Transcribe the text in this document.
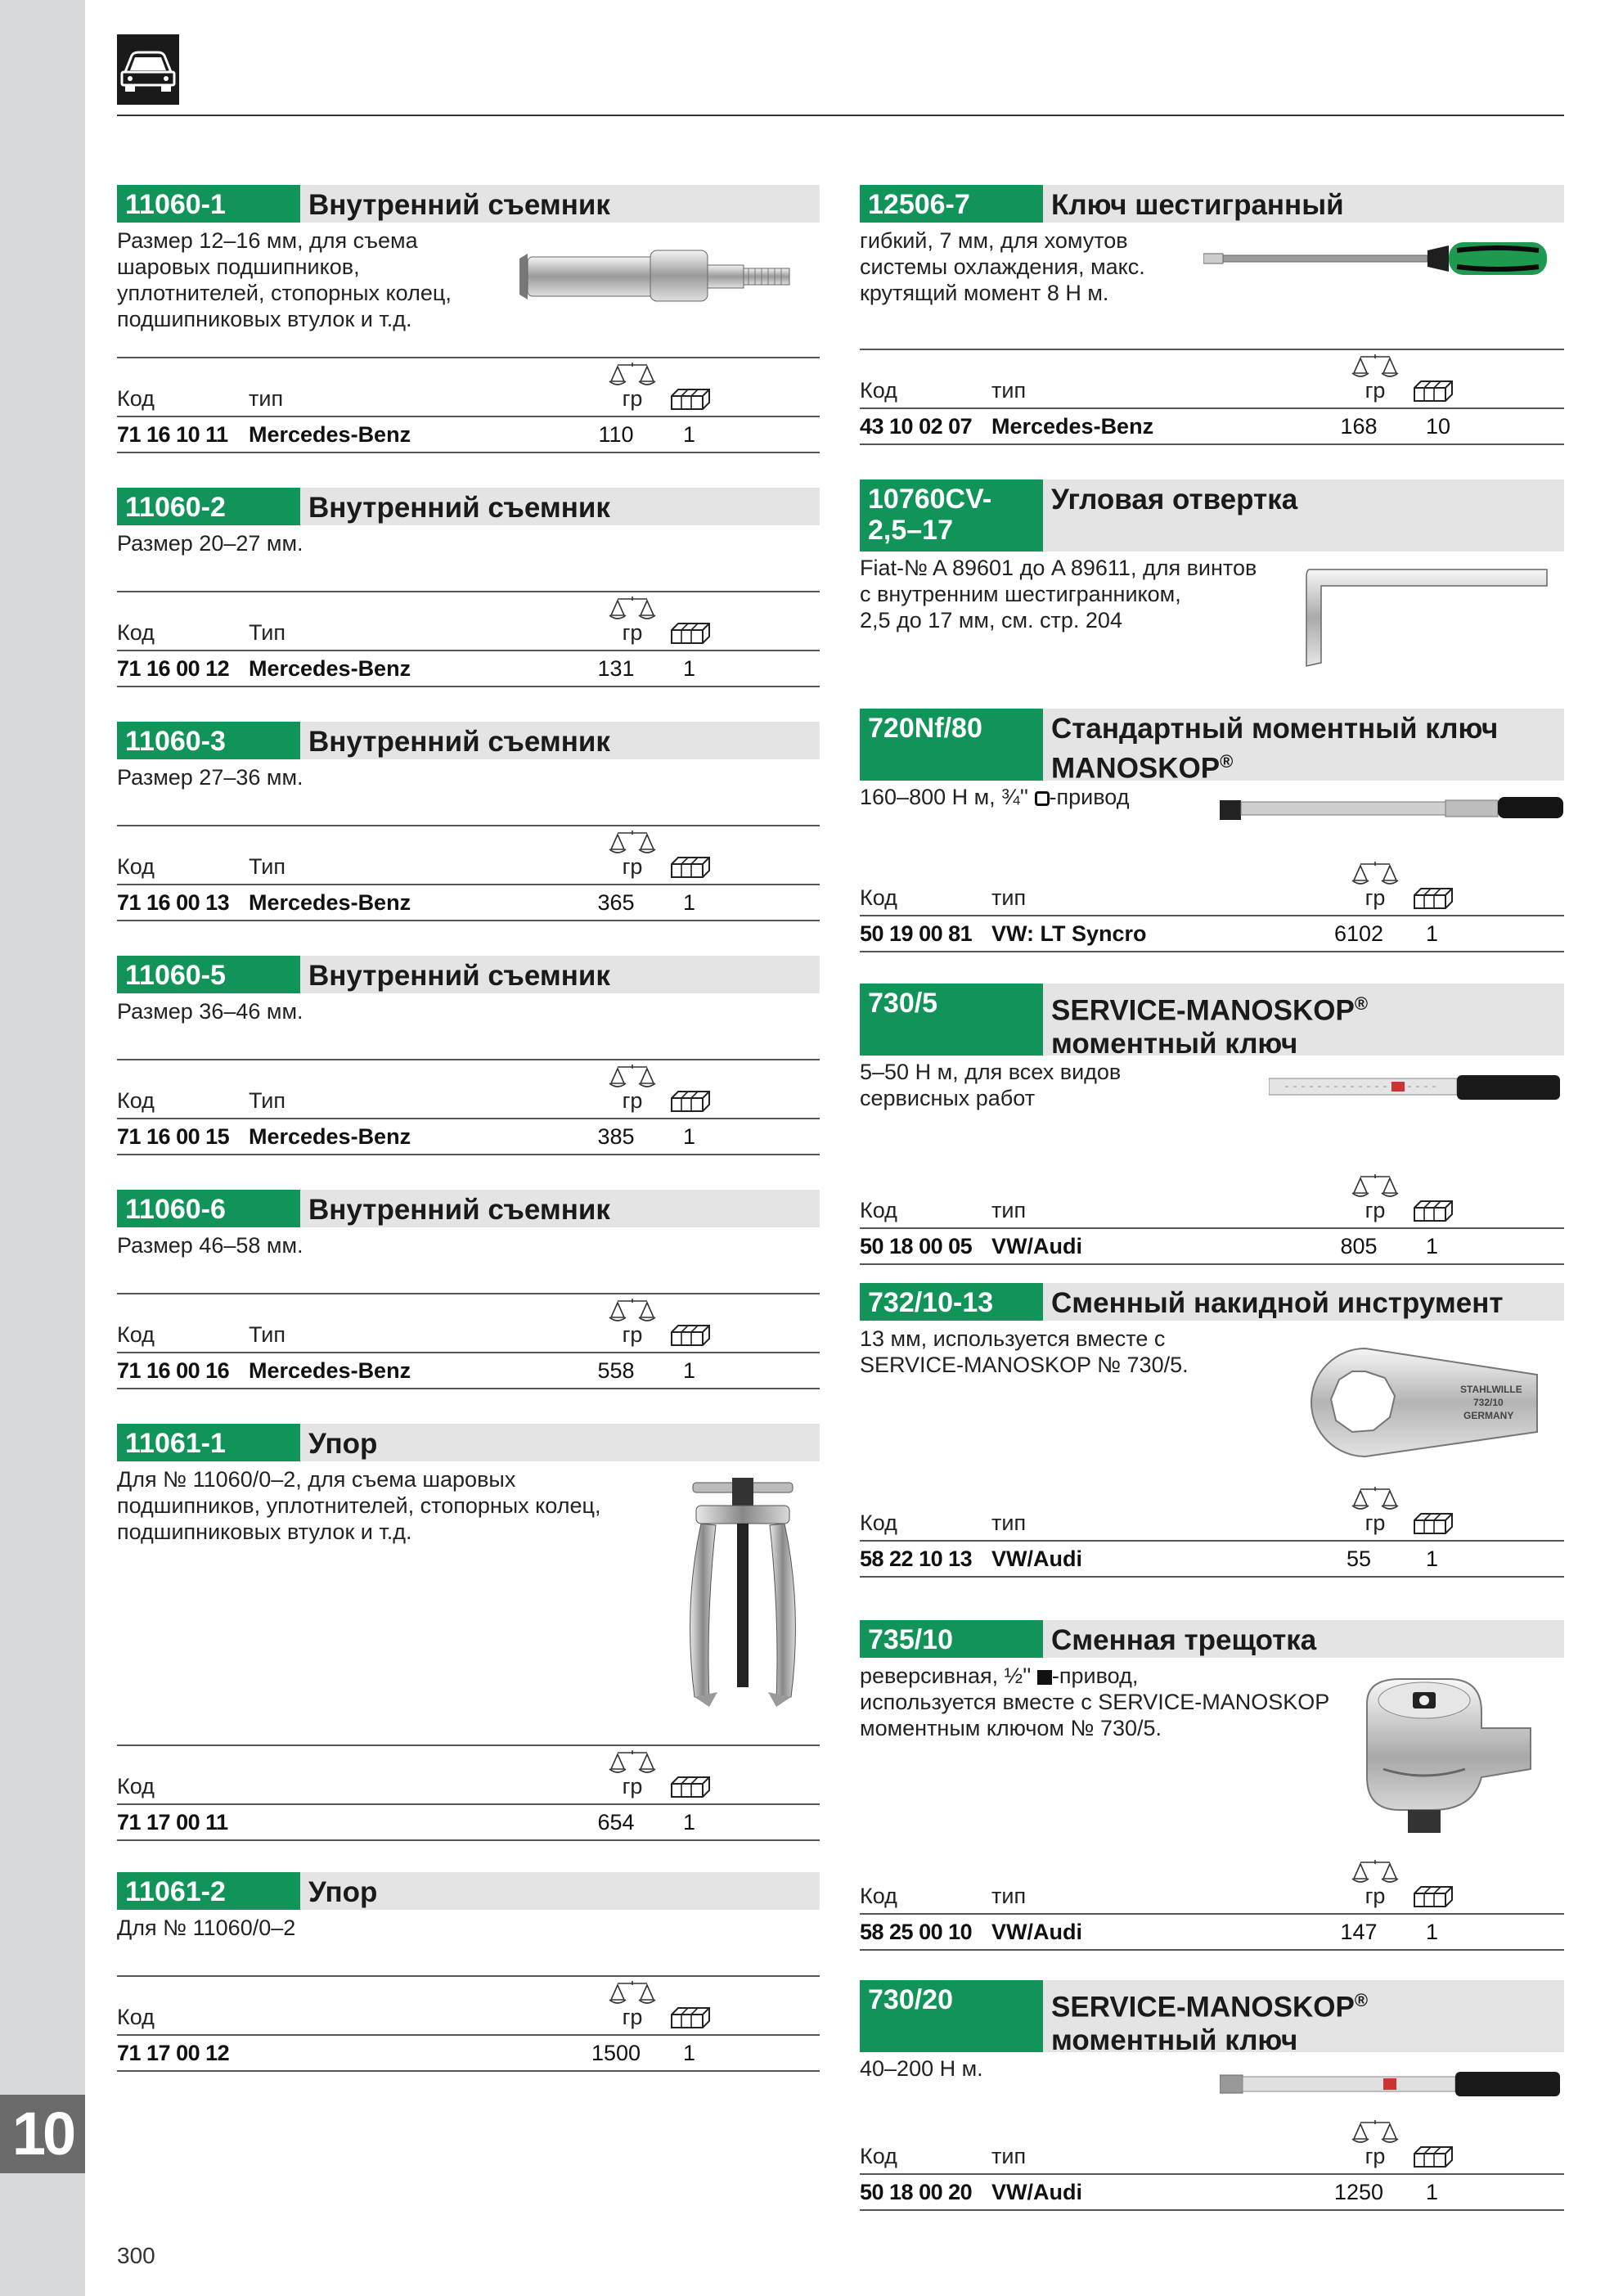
10
11060-1	Внутренний съемник
Размер 12–16 мм, для съема
шаровых подшипников,
уплотнителей, стопорных колец,
подшипниковых втулок и т.д.
Код	тип	гр
71 16 10 11 Mercedes-Benz	110	1
11060-2	Внутренний съемник
Размер 20–27 мм.
Код	Тип	гр
71 16 00 12 Mercedes-Benz	131	1
11060-3	Внутренний съемник
Размер 27–36 мм.
Код	Тип	гр
71 16 00 13 Mercedes-Benz	365	1
11060-5	Внутренний съемник
Размер 36–46 мм.
Код	Тип	гр
71 16 00 15 Mercedes-Benz	385	1
11060-6	Внутренний съемник
Размер 46–58 мм.
Код	Тип	гр
71 16 00 16 Mercedes-Benz	558	1
11061-1	Упор
Для № 11060/0–2, для съема шаровых
подшипников, уплотнителей, стопорных колец,
подшипниковых втулок и т.д.
Код	гр
71 17 00 11	654	1
11061-2	Упор
Для № 11060/0–2
Код	гр
71 17 00 12	1500	1
12506-7	Ключ шестигранный
гибкий, 7 мм, для хомутов
системы охлаждения, макс.
крутящий момент 8 Н м.
Код	тип	гр
43 10 02 07 Mercedes-Benz	168	10
10760CV-
2,5–17
Угловая отвертка
Fiat-№ A 89601 до A 89611, для винтов
с внутренним шестигранником,
2,5 до 17 мм, см. стр. 204
720Nf/80	Стандартный моментный ключ
MANOSKOP®
160–800 Н м, ¾'' -привод
Код	тип	гр
50 19 00 81 VW: LT Syncro	6102	1
730/5	SERVICE-MANOSKOP®
моментный ключ
5–50 Н м, для всех видов
сервисных работ
Код	тип	гр
50 18 00 05 VW/Audi	805	1
732/10-13	Сменный накидной инструмент
13 мм, используется вместе с
SERVICE-MANOSKOP № 730/5.
STAHLWILLE
732/10
GERMANY
Код	тип	гр
58 22 10 13 VW/Audi	55	1
735/10	Сменная трещотка
реверсивная, ½'' -привод,
используется вместе с SERVICE-MANOSKOP
моментным ключом № 730/5.
Код	тип	гр
58 25 00 10 VW/Audi	147	1
730/20	SERVICE-MANOSKOP®
моментный ключ
40–200 Н м.
Код	тип	гр
50 18 00 20 VW/Audi	1250	1
300
